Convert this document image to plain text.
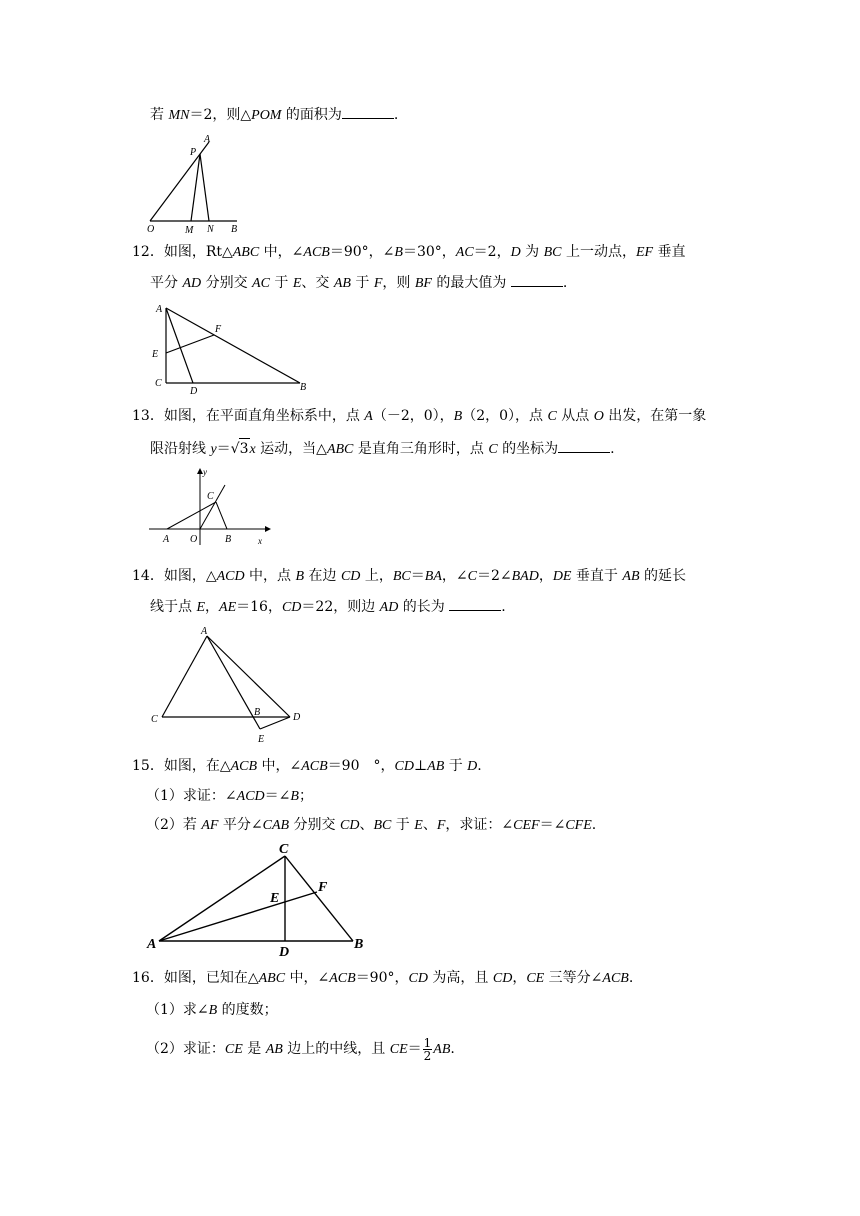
若 MN＝2，则△POM 的面积为	.
A
P
O	M N B
12．如图，Rt△ABC 中，∠ACB＝90°，∠B＝30°，AC＝2，D 为 BC 上一动点，EF 垂直
平分 AD 分别交 AC 于 E、交 AB 于 F，则 BF 的最大值为	.
A
F
E
C
D	B
13．如图，在平面直角坐标系中，点 A（－2，0），B（2，0），点 C 从点 O 出发，在第一象
限沿射线 y＝√3x 运动，当△ABC 是直角三角形时，点 C 的坐标为	.
y
C
A O	B	x
14．如图，△ACD 中，点 B 在边 CD 上，BC＝BA，∠C＝2∠BAD，DE 垂直于 AB 的延长
线于点 E，AE＝16，CD＝22，则边 AD 的长为	.
A
C
B	D
E
15．如图，在△ACB 中，∠ACB＝90　°，CD⊥AB 于 D.
（1）求证：∠ACD＝∠B；
（2）若 AF 平分∠CAB 分别交 CD、BC 于 E、F，求证：∠CEF＝∠CFE.
C
F
E
A
D
B
16．如图，已知在△ABC 中，∠ACB＝90°，CD 为高，且 CD，CE 三等分∠ACB.
（1）求∠B 的度数；
（2）求证：CE 是 AB 边上的中线，且 $CE= \frac{1}{2}$ AB.
